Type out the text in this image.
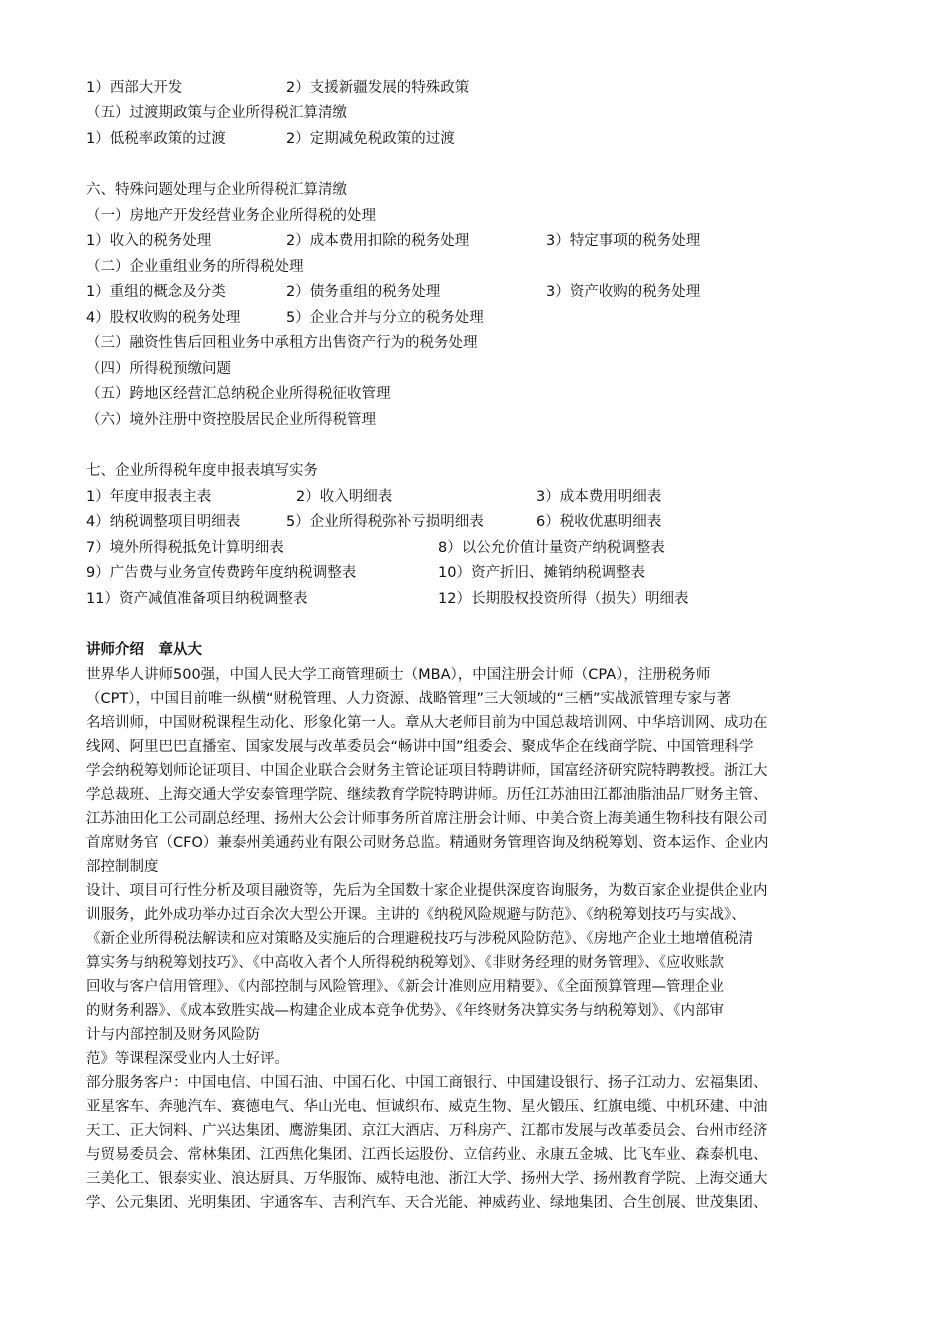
1）西部大开发	2）支援新疆发展的特殊政策
（五）过渡期政策与企业所得税汇算清缴
1）低税率政策的过渡	2）定期减免税政策的过渡
六、特殊问题处理与企业所得税汇算清缴
（一）房地产开发经营业务企业所得税的处理
1）收入的税务处理	2）成本费用扣除的税务处理	3）特定事项的税务处理
（二）企业重组业务的所得税处理
1）重组的概念及分类	2）债务重组的税务处理	3）资产收购的税务处理
4）股权收购的税务处理	5）企业合并与分立的税务处理
（三）融资性售后回租业务中承租方出售资产行为的税务处理
（四）所得税预缴问题
（五）跨地区经营汇总纳税企业所得税征收管理
（六）境外注册中资控股居民企业所得税管理
七、企业所得税年度申报表填写实务
1）年度申报表主表	2）收入明细表	3）成本费用明细表
4）纳税调整项目明细表	5）企业所得税弥补亏损明细表	6）税收优惠明细表
7）境外所得税抵免计算明细表	8）以公允价值计量资产纳税调整表
9）广告费与业务宣传费跨年度纳税调整表	10）资产折旧、摊销纳税调整表
11）资产减值准备项目纳税调整表	12）长期股权投资所得（损失）明细表
讲师介绍　章从大
世界华人讲师500强，中国人民大学工商管理硕士（MBA），中国注册会计师（CPA），注册税务师
（CPT），中国目前唯一纵横“财税管理、人力资源、战略管理”三大领域的“三栖”实战派管理专家与著
名培训师，中国财税课程生动化、形象化第一人。章从大老师目前为中国总裁培训网、中华培训网、成功在
线网、阿里巴巴直播室、国家发展与改革委员会“畅讲中国”组委会、聚成华企在线商学院、中国管理科学
学会纳税筹划师论证项目、中国企业联合会财务主管论证项目特聘讲师，国富经济研究院特聘教授。浙江大
学总裁班、上海交通大学安泰管理学院、继续教育学院特聘讲师。历任江苏油田江都油脂油品厂财务主管、
江苏油田化工公司副总经理、扬州大公会计师事务所首席注册会计师、中美合资上海美通生物科技有限公司
首席财务官（CFO）兼泰州美通药业有限公司财务总监。精通财务管理咨询及纳税筹划、资本运作、企业内
部控制制度
设计、项目可行性分析及项目融资等，先后为全国数十家企业提供深度咨询服务，为数百家企业提供企业内
训服务，此外成功举办过百余次大型公开课。主讲的《纳税风险规避与防范》、《纳税筹划技巧与实战》、
《新企业所得税法解读和应对策略及实施后的合理避税技巧与涉税风险防范》、《房地产企业土地增值税清
算实务与纳税筹划技巧》、《中高收入者个人所得税纳税筹划》、《非财务经理的财务管理》、《应收账款
回收与客户信用管理》、《内部控制与风险管理》、《新会计准则应用精要》、《全面预算管理—管理企业
的财务利器》、《成本致胜实战—构建企业成本竞争优势》、《年终财务决算实务与纳税筹划》、《内部审
计与内部控制及财务风险防
范》等课程深受业内人士好评。
部分服务客户：中国电信、中国石油、中国石化、中国工商银行、中国建设银行、扬子江动力、宏福集团、
亚星客车、奔驰汽车、赛德电气、华山光电、恒诚织布、威克生物、星火锻压、红旗电缆、中机环建、中油
天工、正大饲料、广兴达集团、鹰游集团、京江大酒店、万科房产、江都市发展与改革委员会、台州市经济
与贸易委员会、常林集团、江西焦化集团、江西长运股份、立信药业、永康五金城、比飞车业、森泰机电、
三美化工、银泰实业、浪达厨具、万华服饰、威特电池、浙江大学、扬州大学、扬州教育学院、上海交通大
学、公元集团、光明集团、宇通客车、吉利汽车、天合光能、神威药业、绿地集团、合生创展、世茂集团、
